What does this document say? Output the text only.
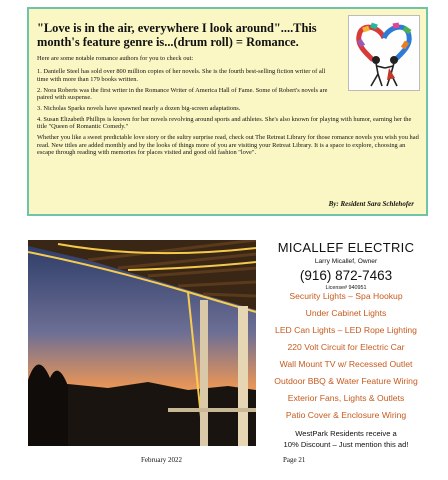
"Love is in the air, everywhere I look around"....This month's feature genre is...(drum roll) = Romance.

Here are some notable romance authors for you to check out:

1. Danielle Steel has sold over 800 million copies of her novels. She is the fourth best-selling fiction writer of all time with more than 179 books written.

2. Nora Roberts was the first writer in the Romance Writer of America Hall of Fame. Some of Robert's novels are paired with suspense.

3. Nicholas Sparks novels have spawned nearly a dozen big-screen adaptations.

4. Susan Elizabeth Phillips is known for her novels revolving around sports and athletes. She's also known for playing with humor, earning her the title "Queen of Romantic Comedy."

Whether you like a sweet predictable love story or the sultry surprise read, check out The Retreat Library for those romance novels you wish you had read. New titles are added monthly and by the looks of things more of you are visiting your Retreat Library. It is a space to explore, choosing an escape through reading with memories for places visited and good old fashion "love".

By: Resident Sara Schlehofer
MICALLEF ELECTRIC
Larry Micallef, Owner
(916) 872-7463
License# 940951
Security Lights – Spa Hookup
Under Cabinet Lights
LED Can Lights – LED Rope Lighting
220 Volt Circuit for Electric Car
Wall Mount TV w/ Recessed Outlet
Outdoor BBQ & Water Feature Wiring
Exterior Fans, Lights & Outlets
Patio Cover & Enclosure Wiring
WestPark Residents receive a
10% Discount – Just mention this ad!
February 2022	Page 21
